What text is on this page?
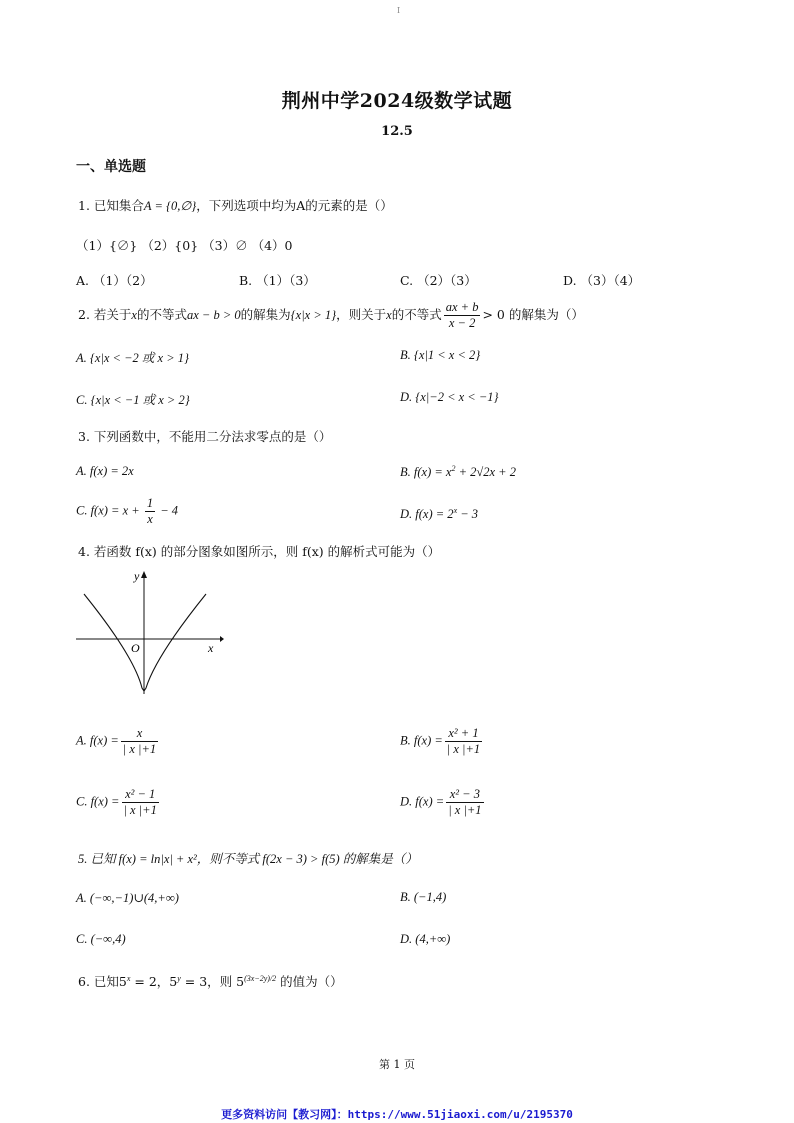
I
荆州中学2024级数学试题
12.5
一、单选题
1. 已知集合A = {0,∅}，下列选项中均为A的元素的是（）
（1）{∅} （2）{0} （3）∅ （4）0
A. （1）（2）	B. （1）（3）	C. （2）（3）	D. （3）（4）
2. 若关于x的不等式ax − b > 0的解集为{x|x > 1}，则关于x的不等式 $\frac{ax + b}{x - 2} > 0$ 的解集为（）
A. {x|x < −2 或 x > 1}	B. {x|1 < x < 2}
C. {x|x < −1 或 x > 2}	D. {x|−2 < x < −1}
3. 下列函数中，不能用二分法求零点的是（）
A. f(x) = 2x	B. $f(x) = x^2 + 2√2x + 2$
C. $f(x) = x + \frac{1}{x} - 4$	D. $f(x) = 2^x - 3$
4. 若函数 f(x) 的部分图象如图所示，则 f(x) 的解析式可能为（）
y
x
O
A. $f(x) = \frac{x}{| x |+1}$	B. $f(x) = \frac{\text{x² + 1}}{| x |+1}$
C. $f(x) = \frac{\text{x² − 1}}{| x |+1}$	D. $f(x) = \frac{\text{x² − 3}}{| x |+1}$
5. 已知 f(x) = ln|x| + x²，则不等式 f(2x − 3) > f(5) 的解集是（）
A. (−∞,−1)∪(4,+∞)	B. (−1,4)
C. (−∞,4)	D. (4,+∞)
6. 已知$5^x = 2$，$5^y = 3$，则 $5^{(3x-2y)/2}$ 的值为（）
第 1 页
更多资料访问【教习网】：https://www.51jiaoxi.com/u/2195370
